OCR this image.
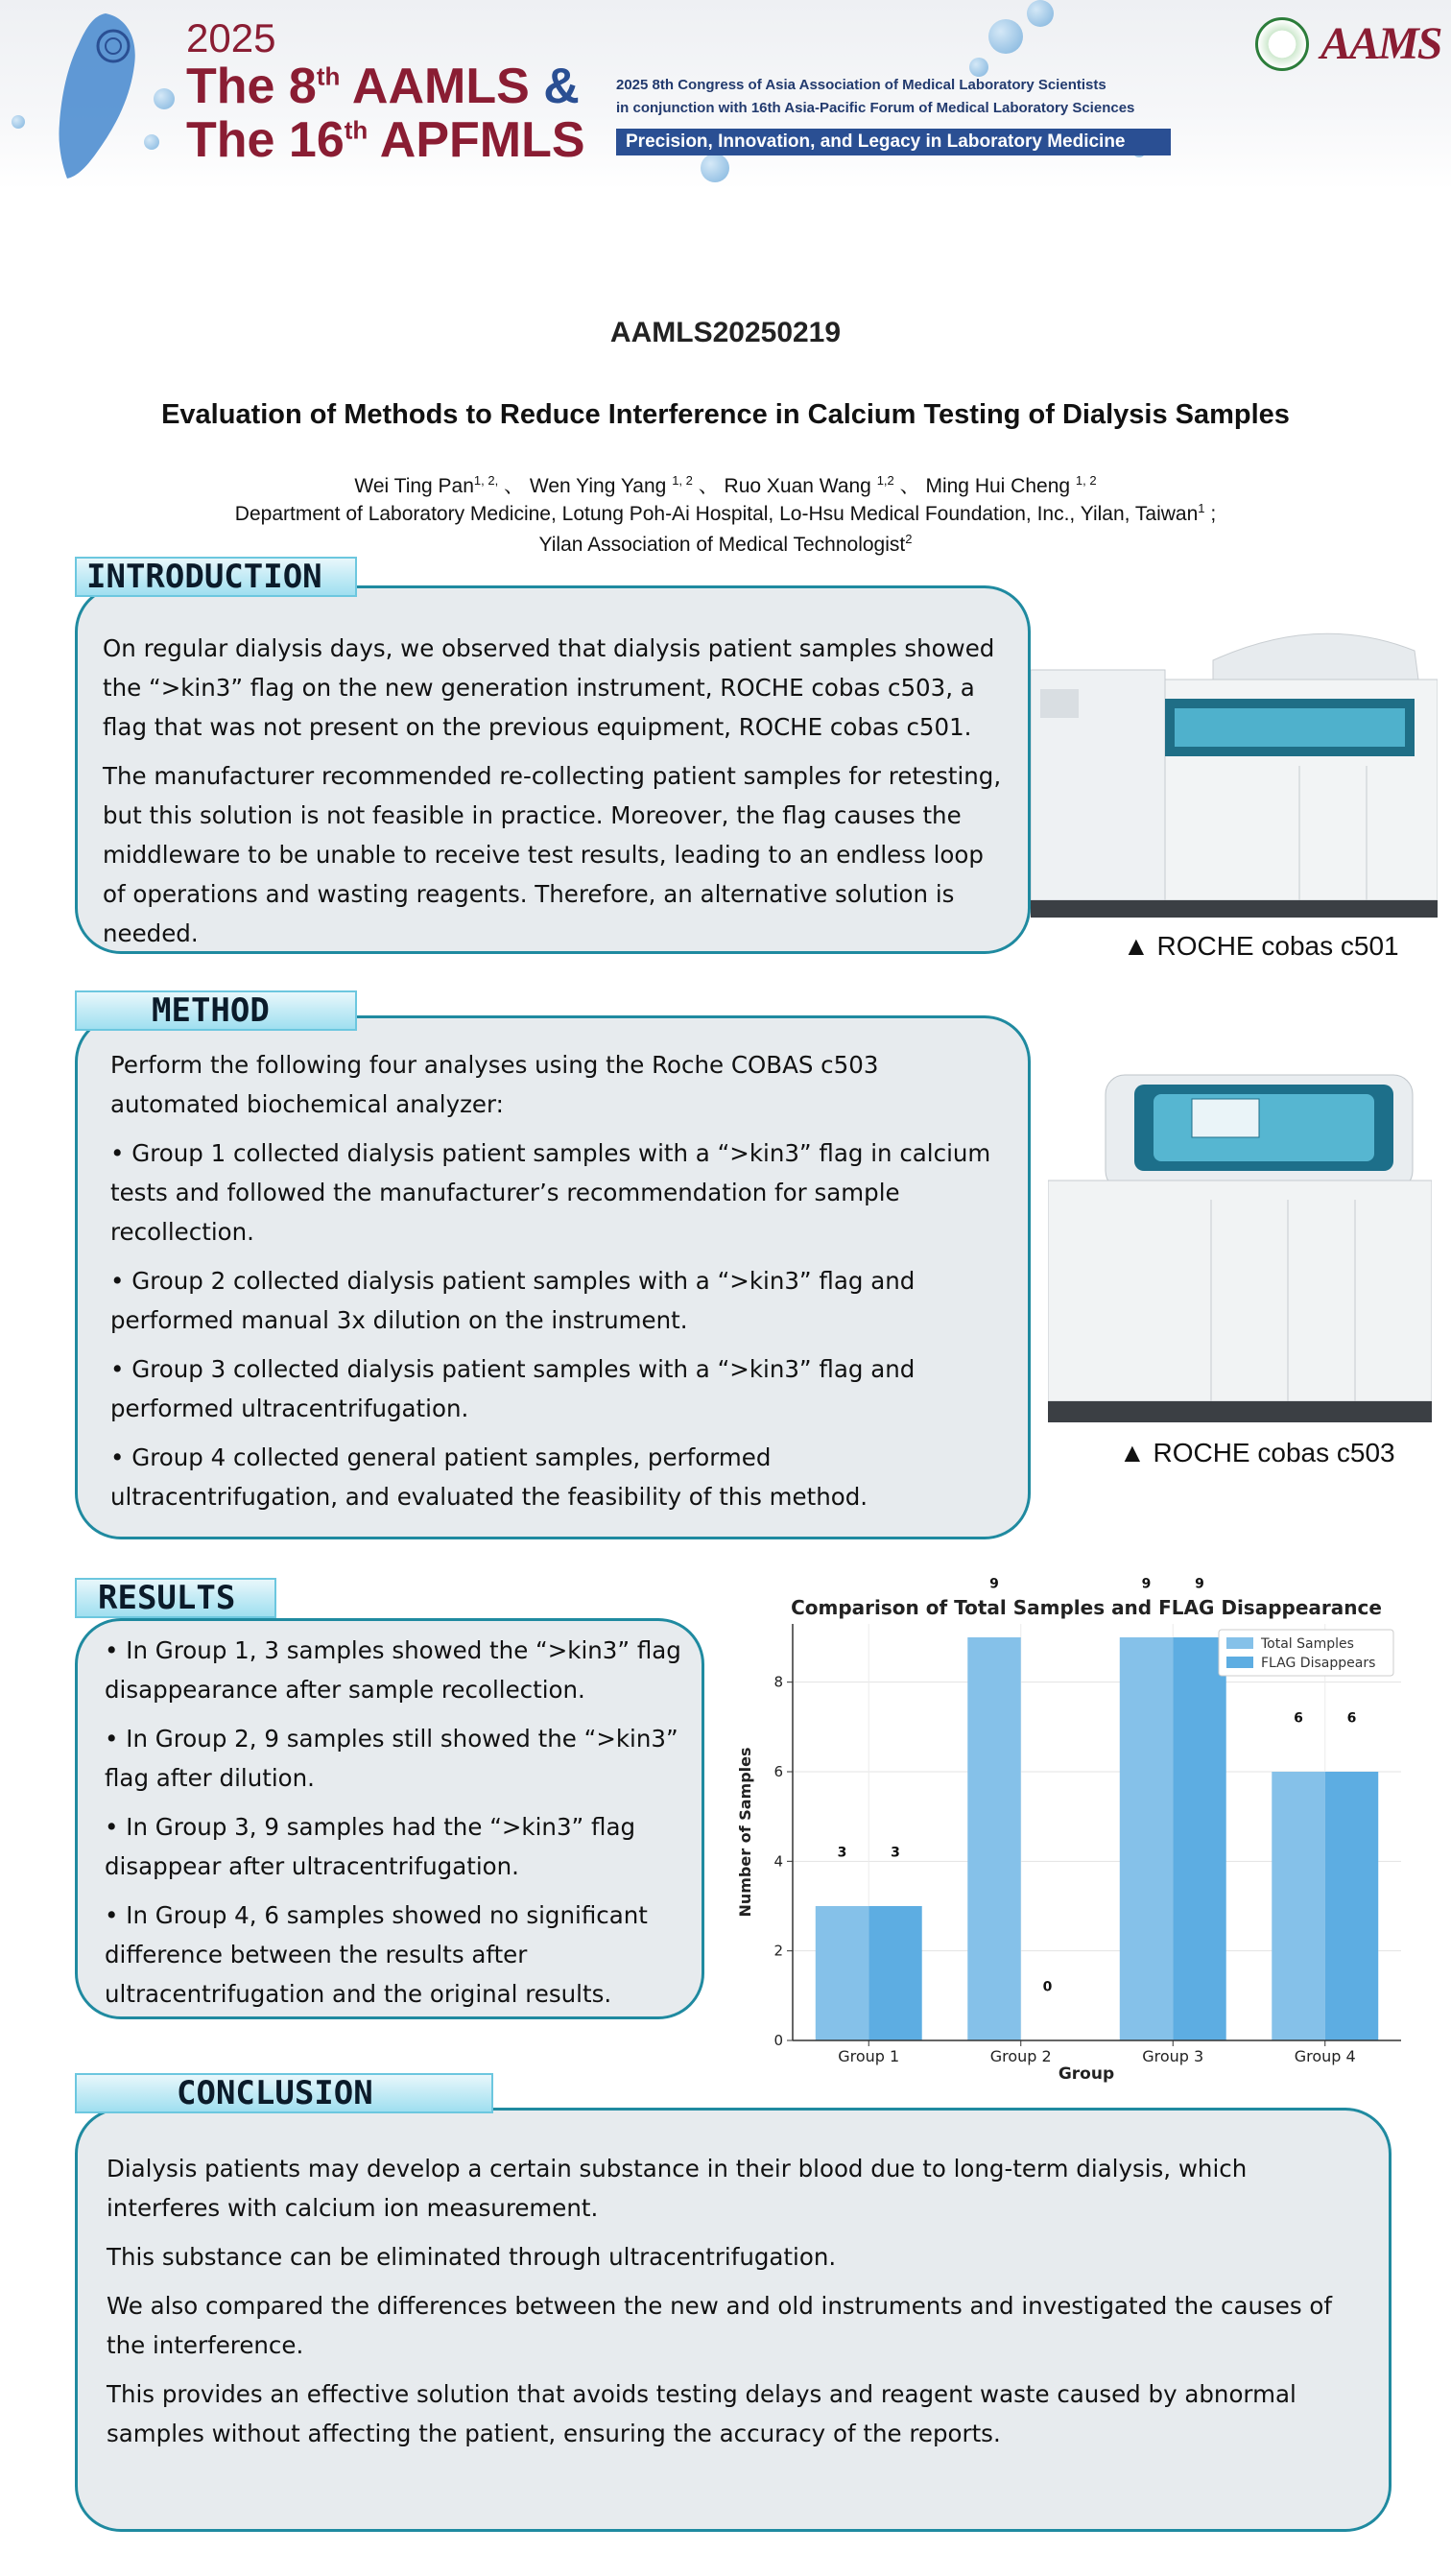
2025
The 8th AAMLS &
The 16th APFMLS
2025 8th Congress of Asia Association of Medical Laboratory Scientists
in conjunction with 16th Asia-Pacific Forum of Medical Laboratory Sciences
Precision, Innovation, and Legacy in Laboratory Medicine
AAMS
AAMLS20250219
Evaluation of Methods to Reduce Interference in Calcium Testing of Dialysis Samples
Wei Ting Pan$^{1, 2,}$ 、 Wen Ying Yang $^{1, 2}$ 、 Ruo Xuan Wang $^{1,2}$ 、 Ming Hui Cheng $^{1, 2}$
Department of Laboratory Medicine, Lotung Poh-Ai Hospital, Lo-Hsu Medical Foundation, Inc., Yilan, Taiwan$^1$ ;
Yilan Association of Medical Technologist$^2$

On regular dialysis days, we observed that dialysis patient samples showed the “>kin3” flag on the new generation instrument, ROCHE cobas c503, a flag that was not present on the previous equipment, ROCHE cobas c501.

The manufacturer recommended re-collecting patient samples for retesting, but this solution is not feasible in practice. Moreover, the flag causes the middleware to be unable to receive test results, leading to an endless loop of operations and wasting reagents. Therefore, an alternative solution is needed.

INTRODUCTION
▲ ROCHE cobas c501

Perform the following four analyses using the Roche COBAS c503 automated biochemical analyzer:

• Group 1 collected dialysis patient samples with a “>kin3” flag in calcium tests and followed the manufacturer’s recommendation for sample recollection.

• Group 2 collected dialysis patient samples with a “>kin3” flag and performed manual 3x dilution on the instrument.

• Group 3 collected dialysis patient samples with a “>kin3” flag and performed ultracentrifugation.

• Group 4 collected general patient samples, performed ultracentrifugation, and evaluated the feasibility of this method.

METHOD
▲ ROCHE cobas c503

• In Group 1, 3 samples showed the “>kin3” flag disappearance after sample recollection.

• In Group 2, 9 samples still showed the “>kin3” flag after dilution.

• In Group 3, 9 samples had the “>kin3” flag disappear after ultracentrifugation.

• In Group 4, 6 samples showed no significant difference between the results after ultracentrifugation and the original results.

RESULTS	Comparison of Total Samples and FLAG Disappearance
3	3
9
0
9	9
6	6
0
2
4
6
8
Group 1	Group 2	Group 3	Group 4
Number of Samples
Group
Total Samples
FLAG Disappears

Dialysis patients may develop a certain substance in their blood due to long-term dialysis, which interferes with calcium ion measurement.

This substance can be eliminated through ultracentrifugation.

We also compared the differences between the new and old instruments and investigated the causes of the interference.

This provides an effective solution that avoids testing delays and reagent waste caused by abnormal samples without affecting the patient, ensuring the accuracy of the reports.

CONCLUSION
